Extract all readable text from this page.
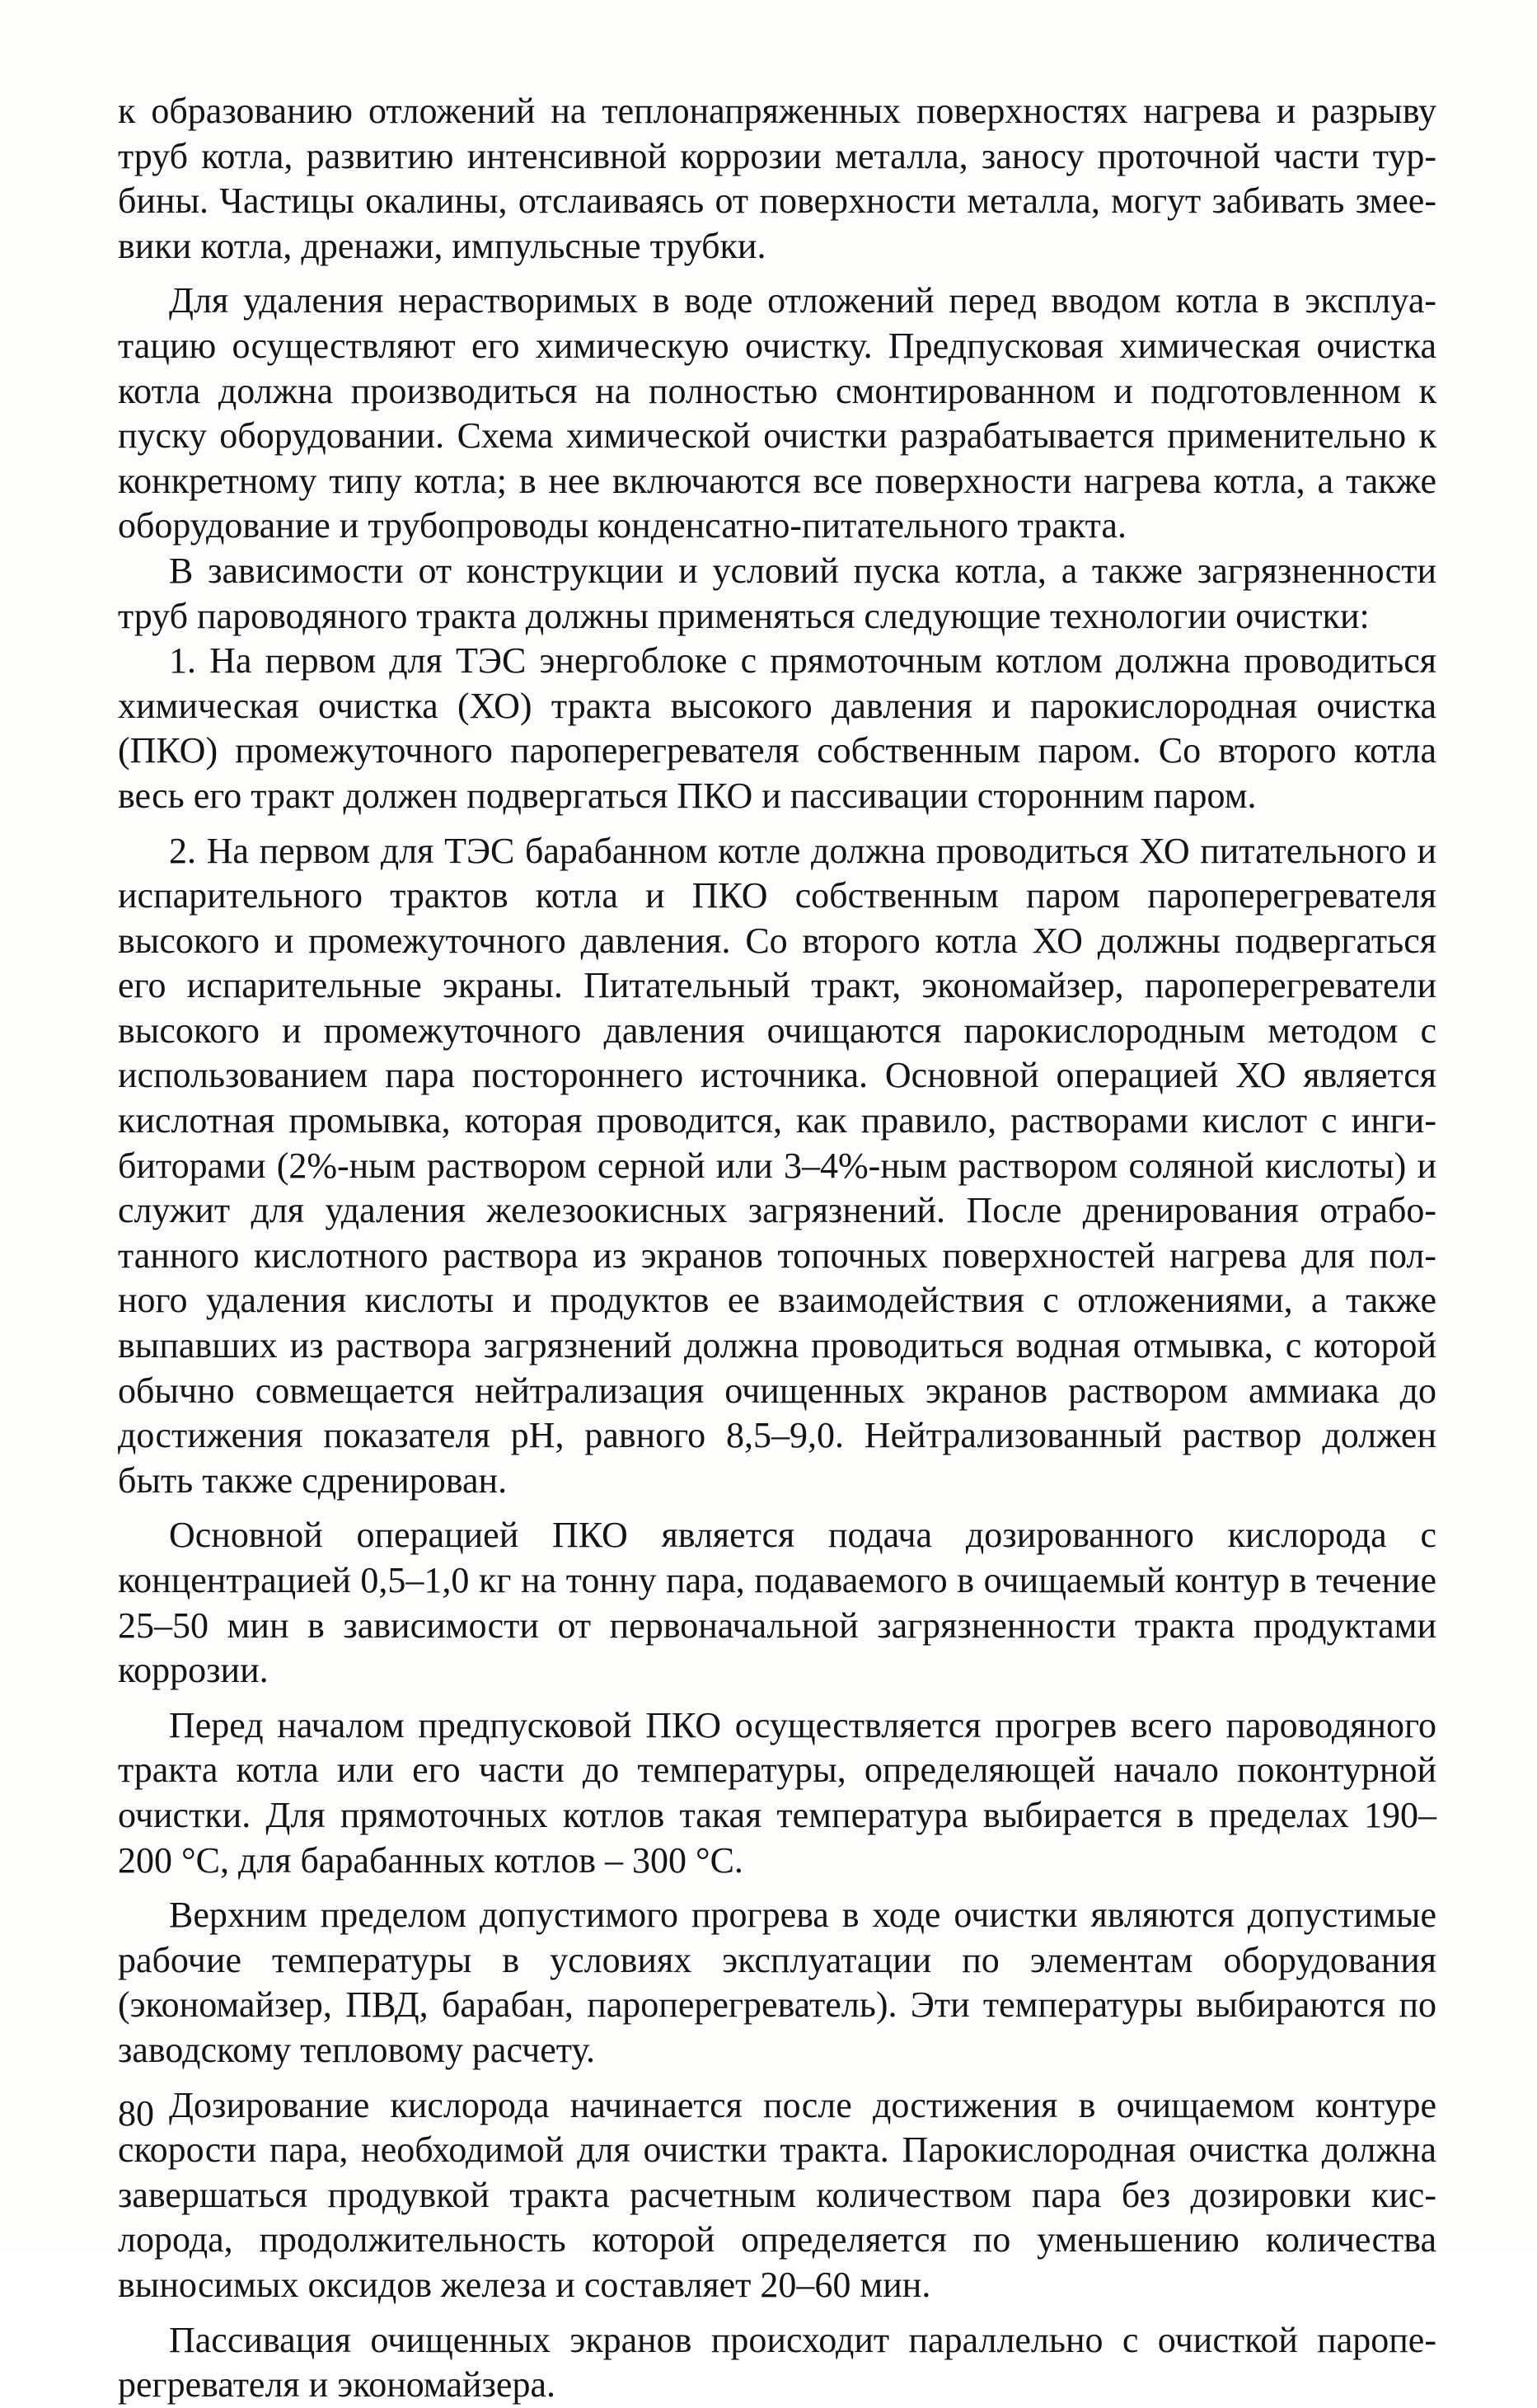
к образованию отложений на теплонапряженных поверхностях нагрева и разрыву труб котла, развитию интенсивной коррозии металла, заносу проточной части турбины. Частицы окалины, отслаиваясь от поверхности металла, могут забивать змеевики котла, дренажи, импульсные трубки.

Для удаления нерастворимых в воде отложений перед вводом котла в эксплуатацию осуществляют его химическую очистку. Предпусковая химическая очистка котла должна производиться на полностью смонтированном и подготовленном к пуску оборудовании. Схема химической очистки разрабатывается применительно к конкретному типу котла; в нее включаются все поверхности нагрева котла, а также оборудование и трубопроводы конденсатно-питательного тракта.

В зависимости от конструкции и условий пуска котла, а также загрязненности труб пароводяного тракта должны применяться следующие технологии очистки:

1. На первом для ТЭС энергоблоке с прямоточным котлом должна проводиться химическая очистка (ХО) тракта высокого давления и парокислородная очистка (ПКО) промежуточного пароперегревателя собственным паром. Со второго котла весь его тракт должен подвергаться ПКО и пассивации сторонним паром.

2. На первом для ТЭС барабанном котле должна проводиться ХО питательного и испарительного трактов котла и ПКО собственным паром пароперегревателя высокого и промежуточного давления. Со второго котла ХО должны подвергаться его испарительные экраны. Питательный тракт, экономайзер, пароперегреватели высокого и промежуточного давления очищаются парокислородным методом с использованием пара постороннего источника. Основной операцией ХО является кислотная промывка, которая проводится, как правило, растворами кислот с ингибиторами (2%-ным раствором серной или 3–4%-ным раствором соляной кислоты) и служит для удаления железоокисных загрязнений. После дренирования отработанного кислотного раствора из экранов топочных поверхностей нагрева для полного удаления кислоты и продуктов ее взаимодействия с отложениями, а также выпавших из раствора загрязнений должна проводиться водная отмывка, с которой обычно совмещается нейтрализация очищенных экранов раствором аммиака до достижения показателя pH, равного 8,5–9,0. Нейтрализованный раствор должен быть также сдренирован.

Основной операцией ПКО является подача дозированного кислорода с концентрацией 0,5–1,0 кг на тонну пара, подаваемого в очищаемый контур в течение 25–50 мин в зависимости от первоначальной загрязненности тракта продуктами коррозии.

Перед началом предпусковой ПКО осуществляется прогрев всего пароводяного тракта котла или его части до температуры, определяющей начало поконтурной очистки. Для прямоточных котлов такая температура выбирается в пределах 190–200 °С, для барабанных котлов – 300 °С.

Верхним пределом допустимого прогрева в ходе очистки являются допустимые рабочие температуры в условиях эксплуатации по элементам оборудования (экономайзер, ПВД, барабан, пароперегреватель). Эти температуры выбираются по заводскому тепловому расчету.

Дозирование кислорода начинается после достижения в очищаемом контуре скорости пара, необходимой для очистки тракта. Парокислородная очистка должна завершаться продувкой тракта расчетным количеством пара без дозировки кислорода, продолжительность которой определяется по уменьшению количества выносимых оксидов железа и составляет 20–60 мин.

Пассивация очищенных экранов происходит параллельно с очисткой пароперегревателя и экономайзера.

80
